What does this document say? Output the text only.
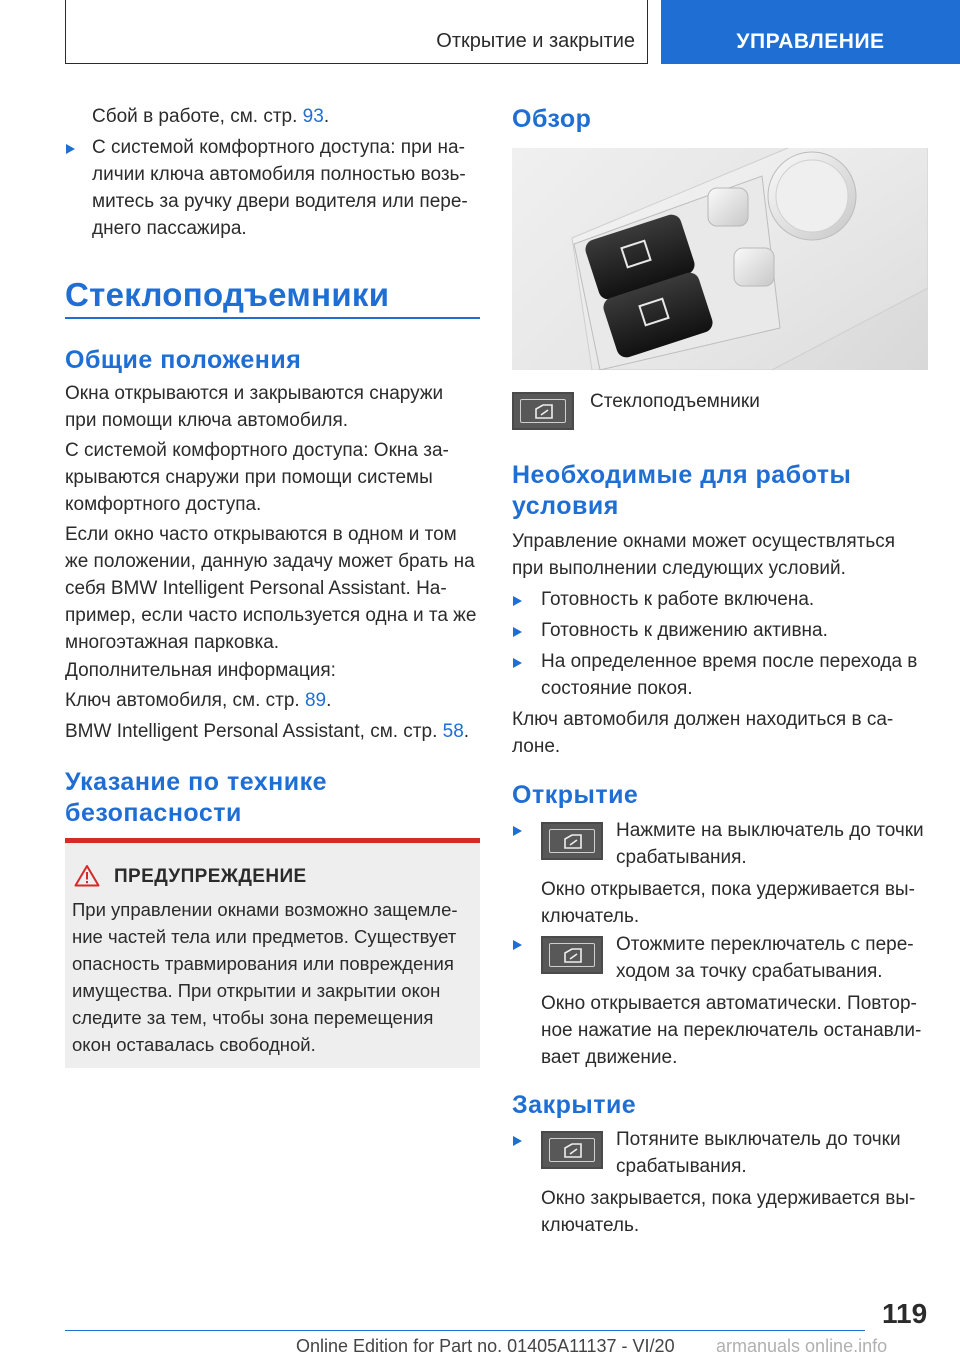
Открытие и закрытие	УПРАВЛЕНИЕ

Сбой в работе, см. стр. 93.

С системой комфортного доступа: при на-
личии ключа автомобиля полностью возь-
митесь за ручку двери водителя или пере-
днего пассажира.

Стеклоподъемники
Общие положения

Окна открываются и закрываются снаружи
при помощи ключа автомобиля.

С системой комфортного доступа: Окна за-
крываются снаружи при помощи системы
комфортного доступа.

Если окно часто открываются в одном и том
же положении, данную задачу может брать на
себя BMW Intelligent Personal Assistant. На-
пример, если часто используется одна и та же
многоэтажная парковка.

Дополнительная информация:

Ключ автомобиля, см. стр. 89.

BMW Intelligent Personal Assistant, см. стр. 58.

Указание по технике
безопасности
ПРЕДУПРЕЖДЕНИЕ

При управлении окнами возможно защемле-
ние частей тела или предметов. Существует
опасность травмирования или повреждения
имущества. При открытии и закрытии окон
следите за тем, чтобы зона перемещения
окон оставалась свободной.

Обзор
Стеклоподъемники
Необходимые для работы
условия

Управление окнами может осуществляться
при выполнении следующих условий.

Готовность к работе включена.

Готовность к движению активна.

На определенное время после перехода в
состояние покоя.

Ключ автомобиля должен находиться в са-
лоне.

Открытие

Нажмите на выключатель до точки
срабатывания.

Окно открывается, пока удерживается вы-
ключатель.

Отожмите переключатель с пере-
ходом за точку срабатывания.

Окно открывается автоматически. Повтор-
ное нажатие на переключатель останавли-
вает движение.

Закрытие

Потяните выключатель до точки
срабатывания.

Окно закрывается, пока удерживается вы-
ключатель.

119
Online Edition for Part no. 01405A11137 - VI/20 armanuals online.info
